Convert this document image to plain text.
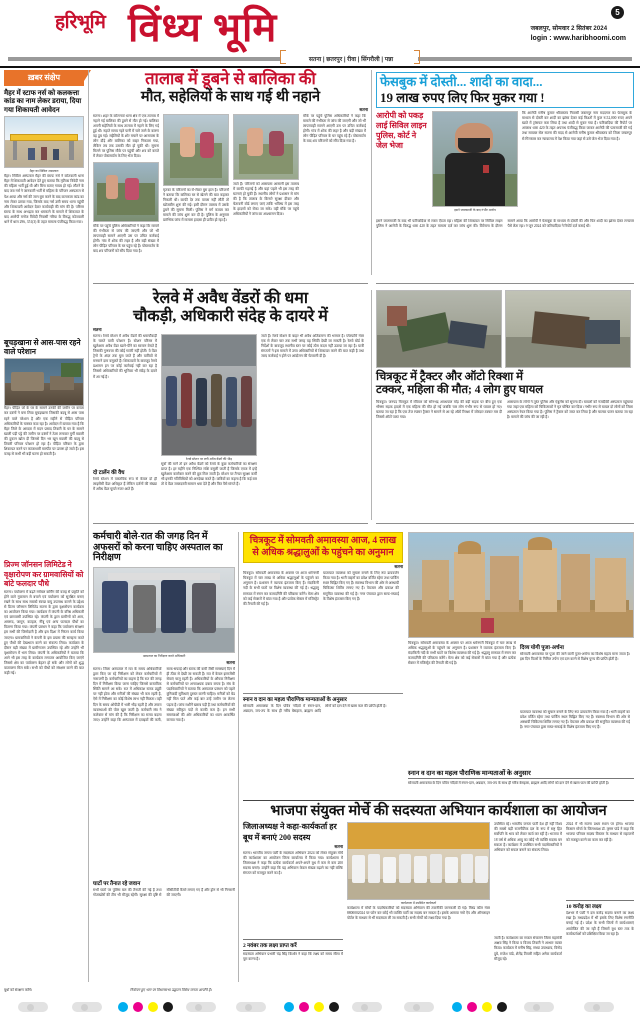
हरिभूमि विंध्य भूमि	5
जबलपुर, सोमवार 2 सितंबर 2024
login : www.haribhoomi.com
सतना | छतरपुर | रीवा | सिंगरौली | पन्ना
ख़बर संक्षेप
मैहर में स्टाफ नर्स को कलकत्ता कांड का नाम लेकर डराया, दिया गया शिकायती आवेदन
मैहर का सिविल अस्पताल
मैहर। सिविल अस्पताल मैहर की स्टाफ नर्स ने कोतवाली थाना मैहर में शिकायती आवेदन देते हुए बताया कि मृतिका त्रिवेदी नाम की महिला भर्ती हुई थी और बिना बताए गायब हो गई। लौटने के बाद जब नर्स ने जानकारी भर्ती से महिला के परिजन अस्पताल से पेश आया और नर्स की जान बुरा करने के बाद कलकत्ता कांड का नाम लेकर डराया गया, जिसके बाद नर्स उसी समय थाना पहुंची और शिकायती आवेदन देकर कार्यवाही की मांग की है। परिसर स्टाफ के साथ अभद्रता कर धमकाने के मामले में शिकायत के बाद आरोपी मनोज त्रिवेदी निवासी नरिया के विरुद्ध कोतवाली थाने में धारा 296, 351(3) के तहत मामला पंजीबद्ध किया गया।
बूचड़खाना से आस-पास रहने वाले परेशान
मैहर। पीड़ित जो के घर के सामने उनकी की जमीन पर कब्जा कर दबंगों ने बना लिया बूचड़खाना जिसकी बदबू से आस पास रहने वाले परेशान है और एक महीने से पीड़ित परिवार अधिकारियों के चक्कर काट रहा है। आवेदन में बताया गया है कि मैहर जिले के अमदरा में मदन प्रसाद तिवारी के घर के सामने खाली पड़ी पट्टे की जमीन पर दबंगों ने ठेला लगाकर मुर्गी मछली की दुकान खोल दी जिससे दिन भर खून मछली की बदबू से तिवारी परिवार परेशान हो रहा है। पीड़ित परिवार के द्वारा शिकायत करने पर कब्जाधारी मारपीट पर उतारू हो जाते हैं। इस वजह से कभी भी बड़ी घटना हो सकती है।
प्रिज्म जॉनसन लिमिटेड ने वृक्षारोपण कर ग्रामवासियों को बांटे फलदार पौधे
सतना। पर्यावरण में बढ़ते ग्लोबल वार्मिंग की वजह से प्रकृति को होने वाले नुकसान से बचाने एवं पर्यावरण को सुरक्षित बनाए रखने के साथ साथ सबको स्वच्छ वायु उपलब्ध कराने के उद्देश्य से प्रिज्म जॉनसन लिमिटेड सतना के द्वारा वृक्षारोपण कार्यक्रम का आयोजन किया गया। कार्यक्रम में कंपनी के वरिष्ठ अधिकारी एवं ग्रामवासी उपस्थित रहे। कंपनी के द्वारा ग्रामीणों को आम, अमरूद, जामुन, कटहल, नींबू एवं अन्य फलदार पौधों का वितरण किया गया। कंपनी प्रबंधन ने कहा कि पर्यावरण संरक्षण हम सभी की जिम्मेदारी है और इस दिशा में निरंतर कार्य किया जाएगा। ग्रामवासियों ने कंपनी के इस प्रयास की सराहना करते हुए पौधों की देखभाल करने का संकल्प लिया। कार्यक्रम के दौरान बड़ी संख्या में ग्रामीणजन उपस्थित रहे और उन्होंने भी वृक्षारोपण में भाग लिया। कंपनी के अधिकारियों ने बताया कि आगे भी इस तरह के कार्यक्रम लगातार आयोजित किए जाएंगे जिससे क्षेत्र का पर्यावरण बेहतर हो सके और लोगों को शुद्ध वातावरण मिल सके। सभी को पौधों को संरक्षण करने की बात कही गई।
तालाब में डूबने से बालिका की
मौत, सहेलियों के साथ गई थी नहाने
सतना
सतना। शहर के कोलगवां थाना क्षेत्र में एक तालाब में नहाने गई बालिका की डूबने से मौत हो गई। बालिका अपनी सहेलियों के साथ तालाब में नहाने के लिए गई हुई थी। नहाते समय गहरे पानी में चले जाने के कारण वह डूब गई। सहेलियों के शोर मचाने पर आसपास के लोग दौड़े और बालिका को बाहर निकाला गया, लेकिन तब तक उसकी मौत हो चुकी थी। सूचना मिलने पर पुलिस मौके पर पहुंची और शव को कब्जे में लेकर पोस्टमार्टम के लिए भेज दिया।
मौके पर पहुंचे पुलिस अधिकारियों ने कहा कि मामले की गंभीरता से जांच की जाएगी और जो भी लापरवाही सामने आएगी उस पर उचित कार्रवाई होगी। गांव में शोक की लहर है और बड़ी संख्या में लोग पीड़ित परिवार के घर पहुंच रहे हैं। पोस्टमार्टम के बाद शव परिजनों को सौंप दिया गया है।
मृतका के परिजनों का रो-रोकर बुरा हाल है। परिजनों ने बताया कि बालिका घर से खेलने की बात कहकर निकली थी। काफी देर तक वापस नहीं लौटी तो खोजबीन शुरू की गई। इसी दौरान तालाब में उसके डूबने की सूचना मिली। पुलिस ने मर्ग कायम कर मामले की जांच शुरू कर दी है। पुलिस के अनुसार प्रारंभिक जांच में मामला हादसा ही प्रतीत हो रहा है।
जाते हैं। परिजनों को आसपास आसानी इस तालाब में काफी गहराई है और यहां पहले भी इस तरह की घटनाएं हो चुकी हैं। स्थानीय लोगों ने प्रशासन से मांग की है कि तालाब के किनारे सुरक्षा दीवार और चेतावनी बोर्ड लगाए जाएं ताकि भविष्य में इस तरह के हादसों को रोका जा सके। वहीं मौके पर पहुंचे अधिकारियों ने जांच का आश्वासन दिया।
मौके पर पहुंचे पुलिस अधिकारियों ने कहा कि मामले की गंभीरता से जांच की जाएगी और जो भी लापरवाही सामने आएगी उस पर उचित कार्रवाई होगी। गांव में शोक की लहर है और बड़ी संख्या में लोग पीड़ित परिवार के घर पहुंच रहे हैं। पोस्टमार्टम के बाद शव परिजनों को सौंप दिया गया है।
फेसबुक में दोस्ती... शादी का वादा...
19 लाख रुपए लिए फिर मुकर गया !
आरोपी को पकड़ लाई सिविल लाइन पुलिस, कोर्ट ने जेल भेजा
इसने जालसाजी के बाद गंभीर आरोप
कि आरोपी मनीष कुमार श्रीवास्तव निवासी जबलपुर नाम मददगार का फेसबुक के माध्यम से दोस्ती कर शादी का झांसा देकर कई किश्तों में कुल रु.52,000 रुपए अपने खाते में ट्रांसफर करा लिया है तथा शादी से मुकर गया है। फरियादिया की रिपोर्ट पर अपराध धारा 420 के तहत अपराध पंजीबद्ध किया जाकर आरोपी की पतासाजी की गई तथा सायबर सेल सतना की मदद से आरोपी मनीष कुमार श्रीवास्तव को जिला जबलपुर से गिरफ्तार कर न्यायालय में पेश किया गया जहां से उसे जेल भेज दिया गया है।
इसने जालसाजी के बाद भी फरियादिया से रकम ऐंठता रहा। महिला की शिकायत पर सिविल लाइन पुलिस ने आरोपी के विरुद्ध धारा 420 के तहत मामला दर्ज कर जांच शुरू की। विवेचना के दौरान सामने आया कि आरोपी ने फेसबुक के माध्यम से दोस्ती की और फिर शादी का झांसा देकर लगातार पैसे लेता रहा। 9 जून 2024 को फरियादिया ने रिपोर्ट दर्ज कराई थी।
रेलवे में अवैध वेंडरों की धमा
चौकड़ी, अधिकारी संदेह के दायरे में
सतना
सतना। रेलवे स्टेशन में अवैध वेंडरों की धमाचौकड़ी के चलते यात्री परेशान हैं। स्टेशन परिसर में खुलेआम अवैध वेंडर खाने-पीने का सामान बेचते हैं जिसकी गुणवत्ता की कोई गारंटी नहीं होती। ये वेंडर ट्रेनों के अंदर तक घुस जाते हैं और यात्रियों से मनमाने दाम वसूलते हैं। शिकायतों के बावजूद रेलवे प्रशासन इन पर कोई कार्रवाई नहीं कर रहा है जिससे अधिकारियों की भूमिका भी संदेह के दायरे में आ गई है।
दो टालेंन की वैध
रेलवे स्टेशन में वास्तविक रूप से केवल दो ही लाइसेंसी वेंडर अधिकृत हैं लेकिन दर्जनों की संख्या में अवैध वेंडर घूमते नजर आते हैं।
रेलवे स्टेशन पर लगी अवैध वेंडरों की भीड़
सूत्रों की मानें तो इन अवैध वेंडरों को रेलवे के कुछ कर्मचारियों का संरक्षण प्राप्त है। हर महीने एक निश्चित राशि वसूली जाती है जिसके एवज में इन्हें खुलेआम कारोबार करने की छूट मिल जाती है। स्टेशन पर तैनात सुरक्षा कर्मी भी इनकी गतिविधियों को अनदेखा करते हैं। यात्रियों का कहना है कि कई बार तो ये वेंडर जबरदस्ती सामान थमा देते हैं और फिर पैसे मांगते हैं।
जाते हैं। रेलवे स्टेशन के बाहर भी अवैध अतिक्रमण की भरमार है। प्लेटफॉर्म नंबर एक से लेकर चार तक सभी जगह यह स्थिति देखी जा सकती है। रेलवे बोर्ड के निर्देशों के बावजूद स्थानीय स्तर पर कोई ठोस कदम नहीं उठाया जा रहा है। यात्री संगठनों ने इस मामले में उच्च अधिकारियों से शिकायत करने की बात कही है तथा जल्द कार्रवाई न होने पर आंदोलन की चेतावनी दी है।
चित्रकूट में ट्रैक्टर और ऑटो रिक्शा में
टक्कर, महिला की मौत; 4 लोग हुए घायल
चित्रकूट। जनपद चित्रकूट में रविवार को सोनभद्र अवधपाल मोड़ की बड़ी सड़क पर बीच हुए एक भीषण सड़क हादसे में एक महिला की मौत हो गई जबकि चार लोग गंभीर रूप से घायल हो गए। बताया जा रहा है कि एक तेज रफ्तार ट्रैक्टर ने सामने से आ रहे ऑटो रिक्शा में जोरदार टक्कर मार दी जिससे ऑटो पलट गया।
आसपास के लोगों ने तुरंत पुलिस और एंबुलेंस को सूचना दी। घायलों को नजदीकी अस्पताल पहुंचाया गया जहां एक महिला को चिकित्सकों ने मृत घोषित कर दिया। गंभीर रूप से घायल दो लोगों को जिला अस्पताल रेफर किया गया है। पुलिस ने ट्रैक्टर को जब्त कर लिया है और चालक फरार बताया जा रहा है। मामले की जांच की जा रही है।
कर्मचारी बोले-रात की जगह दिन में अफसरों को करना चाहिए अस्पताल का निरीक्षण
अस्पताल का निरीक्षण करते अधिकारी
सतना
सतना। जिला अस्पताल में रात के समय अधिकारियों द्वारा किए जा रहे निरीक्षण को लेकर कर्मचारियों में नाराजगी है। कर्मचारियों का कहना है कि रात की जगह दिन में निरीक्षण किया जाना चाहिए जिससे वास्तविक स्थिति सामने आ सके। रात में अधिकांश स्टाफ ड्यूटी पर नहीं होता और मरीजों की संख्या भी कम रहती है, ऐसे में निरीक्षण का कोई विशेष लाभ नहीं मिलता। वहीं दिन के समय ओपीडी में भारी भीड़ रहती है और तमाम व्यवस्थाओं की पोल खुल जाती है। कर्मचारी संघ ने कलेक्टर से मांग की है कि निरीक्षण का समय बदला जाए। उन्होंने कहा कि अस्पताल में दवाइयों की कमी, साफ-सफाई और स्टाफ की कमी जैसी समस्याएं दिन में ही ठीक से देखी जा सकती हैं। रात में केवल इमरजेंसी सेवाएं चालू रहती हैं। अधिकारियों के औचक निरीक्षण से कर्मचारियों पर अनावश्यक दबाव बनता है। संघ के पदाधिकारियों ने बताया कि अस्पताल प्रबंधन को पहले बुनियादी सुविधाएं दुरुस्त करनी चाहिए। मरीजों को बेड नहीं मिल पाते और कई बार उन्हें जमीन पर लेटना पड़ता है। जांच मशीनें खराब पड़ी हैं तथा कर्मचारियों की संख्या स्वीकृत पदों से काफी कम है। इन सभी समस्याओं की ओर अधिकारियों का ध्यान आकर्षित कराया गया है।
घाटों पर तैनात रहे जवान
सभी घाटों पर पुलिस बल की तैनाती की गई है तथा गोताखोरों की टीम भी मौजूद रहेगी। सुरक्षा की दृष्टि से सीसीटीवी कैमरे लगाए गए हैं और ड्रोन से भी निगरानी की जाएगी।
चित्रकूट में सोमवती अमावस्या आज, 4 लाख से अधिक श्रद्धालुओं के पहुंचने का अनुमान
सतना
चित्रकूट। सोमवती अमावस्या के अवसर पर आज धर्मनगरी चित्रकूट में चार लाख से अधिक श्रद्धालुओं के पहुंचने का अनुमान है। प्रशासन ने व्यापक इंतजाम किए हैं। मंदाकिनी नदी के सभी घाटों पर विशेष व्यवस्था की गई है। श्रद्धालु रामघाट में स्नान कर कामदगिरि की परिक्रमा करेंगे। मेला क्षेत्र को कई सेक्टरों में बांटा गया है और प्रत्येक सेक्टर में मजिस्ट्रेट की तैनाती की गई है।
यातायात व्यवस्था को सुचारु बनाने के लिए रूट डायवर्जन किया गया है। भारी वाहनों का प्रवेश वर्जित रहेगा तथा पार्किंग स्थल चिह्नित किए गए हैं। स्वास्थ्य विभाग की ओर से अस्थायी चिकित्सा शिविर लगाए गए हैं। पेयजल और प्रकाश की समुचित व्यवस्था की गई है। नगर पंचायत द्वारा साफ-सफाई के विशेष इंतजाम किए गए हैं।
स्नान व दान का महत्व पौराणिक मान्यताओं के अनुसार
सोमवती अमावस्या के दिन पवित्र नदियों में स्नान-दान, अन्नदान, जप-तप के साथ ही गरीब बेसहारा, ब्राह्मण आदि लोगों को दान देने से खास फल की प्राप्ति होती है।
चित्रकूट। सोमवती अमावस्या के अवसर पर आज धर्मनगरी चित्रकूट में चार लाख से अधिक श्रद्धालुओं के पहुंचने का अनुमान है। प्रशासन ने व्यापक इंतजाम किए हैं। मंदाकिनी नदी के सभी घाटों पर विशेष व्यवस्था की गई है। श्रद्धालु रामघाट में स्नान कर कामदगिरि की परिक्रमा करेंगे। मेला क्षेत्र को कई सेक्टरों में बांटा गया है और प्रत्येक सेक्टर में मजिस्ट्रेट की तैनाती की गई है।
दिव्य योगी पूजा-अर्चना
सोमवती अमावस्या पर पूजा की जाने वाली पूजा-अर्चना का विशेष महत्व माना जाता है। इस दिन पितरों के निमित्त तर्पण एवं दान करने से विशेष पुण्य की प्राप्ति होती है।
यातायात व्यवस्था को सुचारु बनाने के लिए रूट डायवर्जन किया गया है। भारी वाहनों का प्रवेश वर्जित रहेगा तथा पार्किंग स्थल चिह्नित किए गए हैं। स्वास्थ्य विभाग की ओर से अस्थायी चिकित्सा शिविर लगाए गए हैं। पेयजल और प्रकाश की समुचित व्यवस्था की गई है। नगर पंचायत द्वारा साफ-सफाई के विशेष इंतजाम किए गए हैं।
स्नान व दान का महत्व पौराणिक मान्यताओं के अनुसार
सोमवती अमावस्या के दिन पवित्र नदियों में स्नान-दान, अन्नदान, जप-तप के साथ ही गरीब बेसहारा, ब्राह्मण आदि लोगों को दान देने से खास फल की प्राप्ति होती है।
भाजपा संयुक्त मोर्चे की सदस्यता अभियान कार्यशाला का आयोजन
जिलाअध्यक्ष ने कहा-कार्यकर्ता हर बूथ में बनाएं 200 सदस्य
सतना
सतना। भारतीय जनता पार्टी के सदस्यता अभियान 2024 को लेकर संयुक्त मोर्चे की कार्यशाला का आयोजन जिला कार्यालय में किया गया। कार्यशाला में जिलाध्यक्ष ने कहा कि प्रत्येक कार्यकर्ता अपने-अपने बूथ में कम से कम 200 सदस्य बनाएं। उन्होंने कहा कि यह अभियान केवल संख्या बढ़ाने का नहीं बल्कि संगठन को मजबूत करने का है।
2 नवंबर तक लक्ष्य प्राप्त करें
सदस्यता अभियान प्रभारी चंद्र सिंह किशोर ने कहा कि लक्ष्य को समय सीमा में पूरा करना है।
कार्यशाला में उपस्थित कार्यकर्ता
कार्यशाला में मोर्चों के पदाधिकारियों को सदस्यता अभियान की तकनीकी जानकारी दी गई। मिस्ड कॉल नंबर 8800002024 पर फोन कर कोई भी व्यक्ति पार्टी का सदस्य बन सकता है। इसके अलावा नमो ऐप और ऑनलाइन पोर्टल के माध्यम से भी सदस्यता ली जा सकती है। सभी मोर्चों को लक्ष्य दिया गया है।
उपस्थित रहे। भारतीय जनता पार्टी देश ही नहीं विश्व की सबसे बड़ी राजनीतिक दल के रूप में राष्ट्र हित सर्वोपरि के भाव को लेकर कार्य कर रही है। भाजपा में 18 वर्ष से अधिक आयु का कोई भी व्यक्ति सदस्य बन सकता है। कार्यक्रम में उपस्थित सभी पदाधिकारियों ने अभियान को सफल बनाने का संकल्प लिया।
जाती है। कार्यशाला का सफल संचालन जिला महामंत्री अक्षय सिंह ने किया व विजय तिवारी ने आभार व्यक्त किया। कार्यक्रम में मनीष सिंह, संध्या उपाध्याय, विनोद दुबे, राजेश पांडे, शैलेंद्र तिवारी सहित अनेक कार्यकर्ता मौजूद रहे।
2024 में भी सतना प्रथम स्थान पर होगा। भाजपा किसान मोर्चा के जिलाध्यक्ष डॉ. कृष्ण पांडे ने कहा कि भाजपा परिवार सदस्य विस्तार के माध्यम से महाजनों को मजबूत करने का काम कर रही है।
10 करोड़ का लक्ष्य
देशभर में पार्टी ने दस करोड़ सदस्य बनाने का लक्ष्य रखा है। मध्यप्रदेश में भी इसके लिए विशेष रणनीति बनाई गई है। प्रदेश के सभी जिलों में कार्यशालाएं आयोजित की जा रही हैं जिसमें बूथ स्तर तक के कार्यकर्ताओं को प्रशिक्षित किया जा रहा है।
बूथों को संरक्षण करेंगे।	निर्वाचन हुए भाग पर विधानसभा उद्घाटन विरोध जनता आपत्ति है।
